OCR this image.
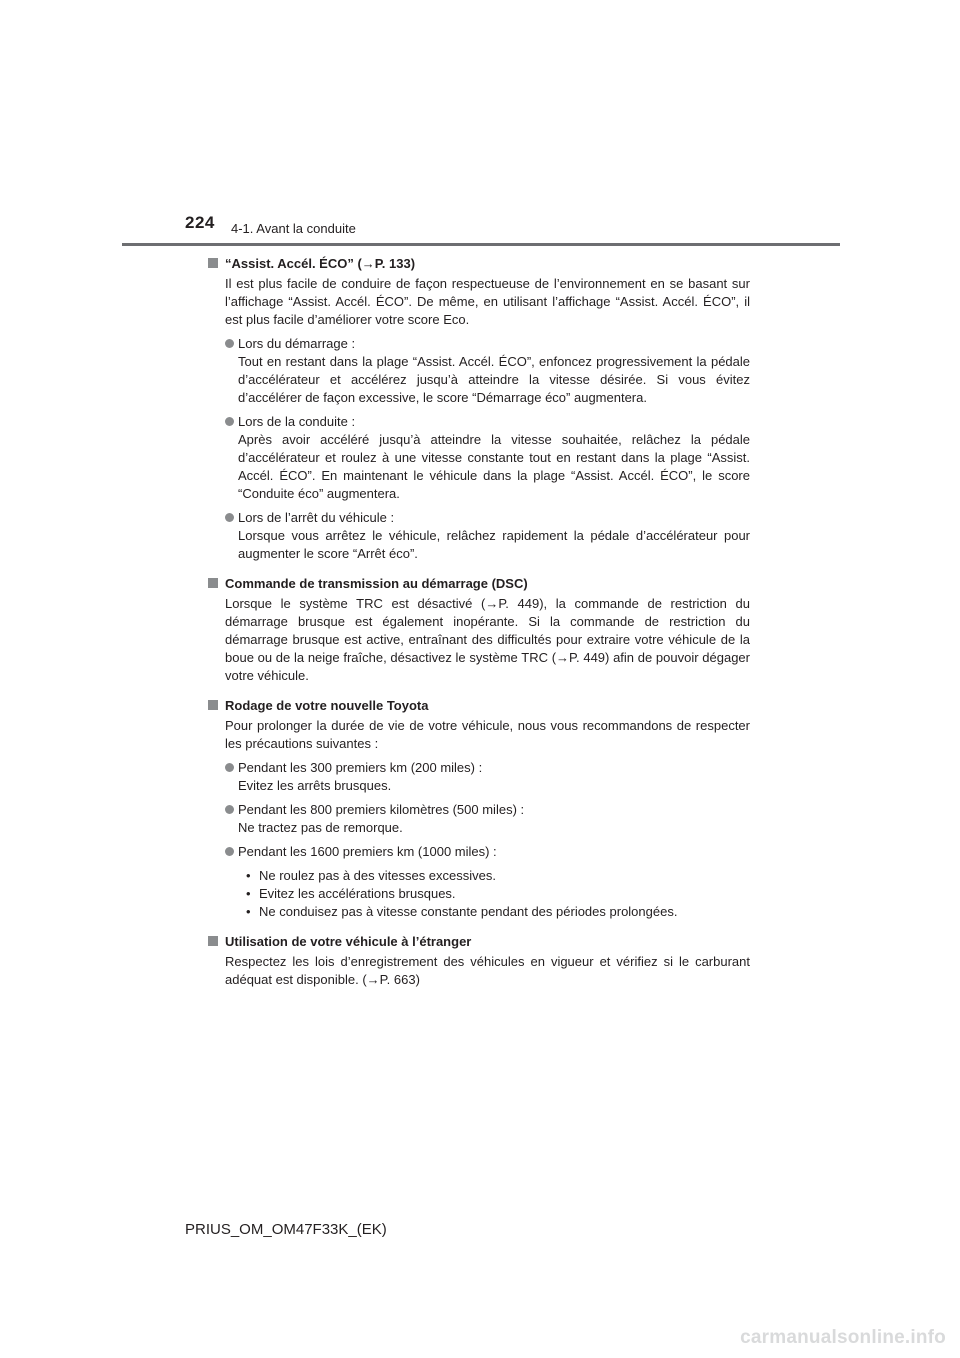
224 4-1. Avant la conduite
“Assist. Accél. ÉCO” (→P. 133)

Il est plus facile de conduire de façon respectueuse de l’environnement en se basant sur l’affichage “Assist. Accél. ÉCO”. De même, en utilisant l’affichage “Assist. Accél. ÉCO”, il est plus facile d’améliorer votre score Eco.

Lors du démarrage :

Tout en restant dans la plage “Assist. Accél. ÉCO”, enfoncez progressivement la pédale d’accélérateur et accélérez jusqu’à atteindre la vitesse désirée. Si vous évitez d’accélérer de façon excessive, le score “Démarrage éco” augmentera.

Lors de la conduite :

Après avoir accéléré jusqu’à atteindre la vitesse souhaitée, relâchez la pédale d’accélérateur et roulez à une vitesse constante tout en restant dans la plage “Assist. Accél. ÉCO”. En maintenant le véhicule dans la plage “Assist. Accél. ÉCO”, le score “Conduite éco” augmentera.

Lors de l’arrêt du véhicule :

Lorsque vous arrêtez le véhicule, relâchez rapidement la pédale d’accélérateur pour augmenter le score “Arrêt éco”.

Commande de transmission au démarrage (DSC)

Lorsque le système TRC est désactivé (→P. 449), la commande de restriction du démarrage brusque est également inopérante. Si la commande de restriction du démarrage brusque est active, entraînant des difficultés pour extraire votre véhicule de la boue ou de la neige fraîche, désactivez le système TRC (→P. 449) afin de pouvoir dégager votre véhicule.

Rodage de votre nouvelle Toyota

Pour prolonger la durée de vie de votre véhicule, nous vous recommandons de respecter les précautions suivantes :

Pendant les 300 premiers km (200 miles) :

Evitez les arrêts brusques.

Pendant les 800 premiers kilomètres (500 miles) :

Ne tractez pas de remorque.

Pendant les 1600 premiers km (1000 miles) :

• Ne roulez pas à des vitesses excessives.
• Evitez les accélérations brusques.
• Ne conduisez pas à vitesse constante pendant des périodes prolongées.
Utilisation de votre véhicule à l’étranger

Respectez les lois d’enregistrement des véhicules en vigueur et vérifiez si le carburant adéquat est disponible. (→P. 663)

PRIUS_OM_OM47F33K_(EK)
carmanualsonline.info
